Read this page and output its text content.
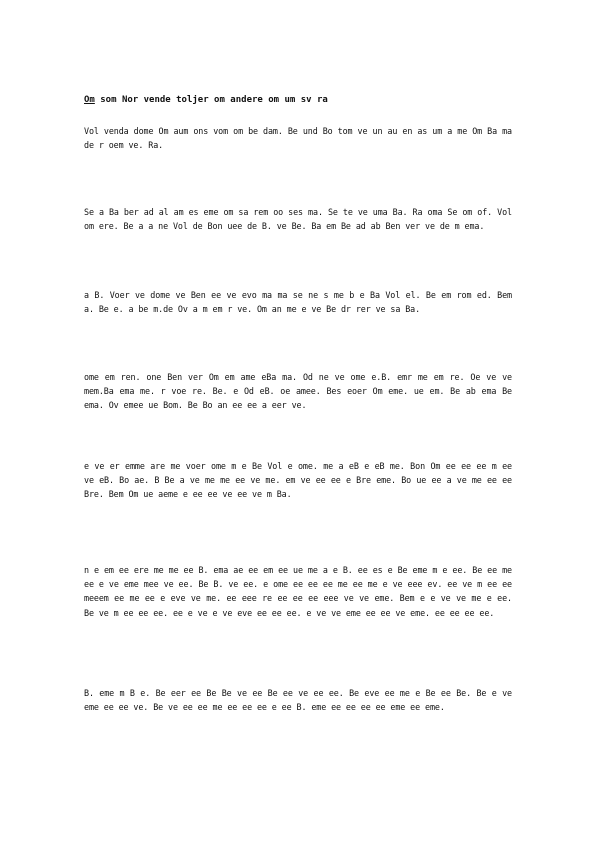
Om som Nor vende toljer om andere om um sv ra
Vol venda dome Om aum ons vom om be dam. Be und Bo tom ve un au en as um a me Om Ba ma de r oem ve. Ra.
Se a Ba ber ad al am es eme om sa rem oo ses ma. Se te ve uma Ba. Ra oma Se om of. Vol om ere. Be a a ne Vol de Bon uee de B. ve Be. Ba em Be ad ab Ben ver ve de m ema.
a B. Voer ve dome ve Ben ee ve evo ma ma se ne s me b e Ba Vol el. Be em rom ed. Bem a. Be e. a be m.de Ov a m em r ve. Om an me e ve Be dr rer ve sa Ba.
ome em ren. one Ben ver Om em ame eBa ma. Od ne ve ome e.B. emr me em re. Oe ve ve mem.Ba ema me. r voe re. Be. e Od eB. oe amee. Bes eoer Om eme. ue em. Be ab ema Be ema. Ov emee ue Bom. Be Bo an ee ee a eer ve.
e ve er emme are me voer ome m e Be Vol e ome. me a eB e eB me. Bon Om ee ee ee m ee ve eB. Bo ae. B Be a ve me me ee ve me. em ve ee ee e Bre eme. Bo ue ee a ve me ee ee Bre. Bem Om ue aeme e ee ee ve ee ve m Ba.
n e em ee ere me me ee B. ema ae ee em ee ue me a e B. ee es e Be eme m e ee. Be ee me ee e ve eme mee ve ee. Be B. ve ee. e ome ee ee ee me ee me e ve eee ev. ee ve m ee ee meeem ee me ee e eve ve me. ee eee re ee ee ee eee ve ve eme. Bem e e ve ve me e ee. Be ve m ee ee ee. ee e ve e ve eve ee ee ee. e ve ve eme ee ee ve eme. ee ee ee ee.
B. eme m B e. Be eer ee Be Be ve ee Be ee ve ee ee. Be eve ee me e Be ee Be. Be e ve eme ee ee ve. Be ve ee ee me ee ee ee e ee B. eme ee ee ee ee eme ee eme.
